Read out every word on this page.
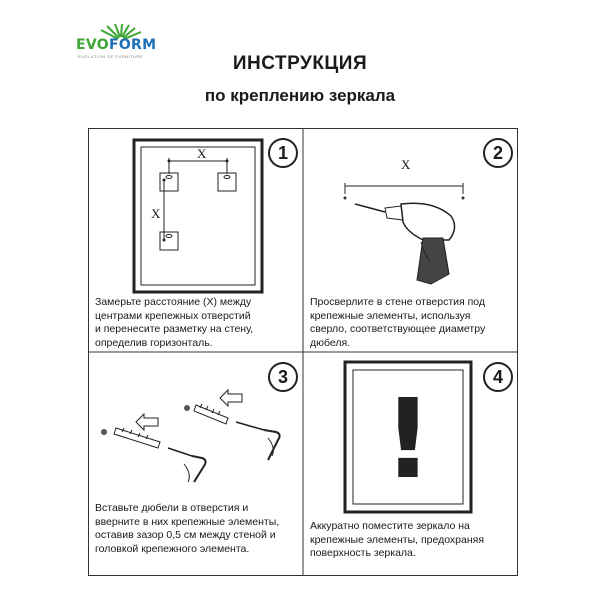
EVOFORM
EVOLUTION OF FURNITURE	ИНСТРУКЦИЯ
по креплению зеркала
X
X
1
Замерьте расстояние (Х) между
центрами крепежных отверстий
и перенесите разметку на стену,
определив горизонталь.
X
2
Просверлите в стене отверстия под
крепежные элементы, используя
сверло, соответствующее диаметру
дюбеля.
3
Вставьте дюбели в отверстия и
вверните в них крепежные элементы,
оставив зазор 0,5 см между стеной и
головкой крепежного элемента.
!	4
Аккуратно поместите зеркало на
крепежные элементы, предохраняя
поверхность зеркала.
